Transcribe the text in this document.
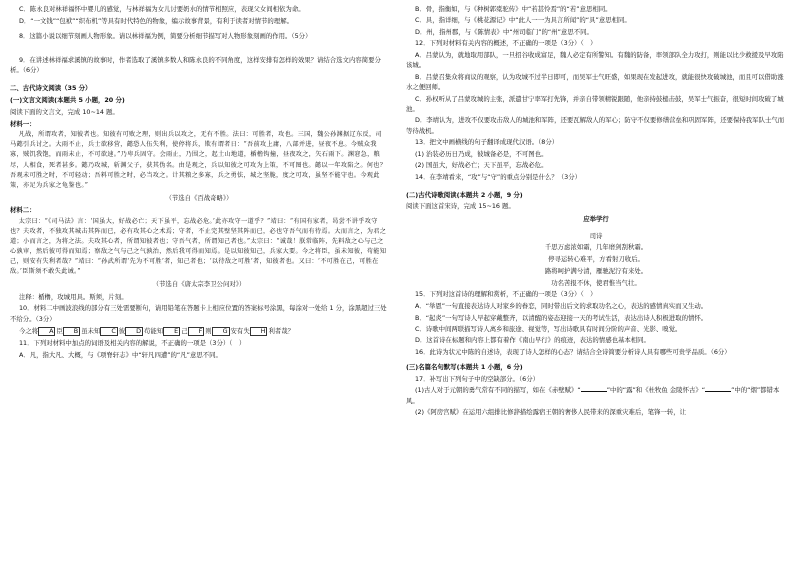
C．陈永良对林祥福怀中婴儿的感觉，与林祥福为女儿讨要奶水的情节相照应，表现父女间相依为命。

D．“一文钱”“包袱”“织布机”等具有时代特色的物象，编示故事背景，有利于读者对情节的理解。

8．这篇小说以细节刻画人物形象。请以林祥福为例，简要分析细节描写对人物形象刻画的作用。（5分）

9．在讲述林祥福求溪镇的故事时，作者选取了溪镇多数人和陈永良的不同角度，这样安排有怎样的效果？请结合选文内容简要分析。（6分）

二、古代诗文阅读（35 分）

(一)文言文阅读(本题共 5 小题，20 分)

阅读下面的文言文，完成 10~14 题。

材料一：

凡战，所谓攻者，知彼者也。知彼有可败之理，则出兵以攻之，无有不胜。法曰：可胜者，攻也。三国，魏公孙渊据辽东反，司马懿引兵讨之。大雨不止，兵士欲移营，懿恐人伍失利，使停将兵，欺有谓者日：“吾前攻上庸，八部并进，昼夜不息。今贼众我寡，贼饥我饱，而雨未止，不可欲速。”乃卑兵固守。会雨止，乃围之，起土山地道，楯橹钩撞，昼夜攻之，矢石雨下。渊窘急，粮尽，人相食，死者甚多。懿乃攻城，斩渊父子，获其伪名。由是观之，兵以知彼之可攻为上策，不可图也。懿以一年攻陷之。何也？吾观未可胜之时，不可轻动；吾料可胜之时，必当攻之。计其粮之多寡，兵之勇怯，城之坚脆，度之可攻，虽坚不能守也。今观此策，亦足为兵家之龟鉴也。”

（节选自《百战奇略》）

材料二：

太宗曰：“《司马法》言：‘国虽大，好战必亡；天下虽平，忘战必危。’此亦攻守一道乎？”靖曰：“有国有家者，曷尝不讲乎攻守也？夫攻者，不独攻其城击其阵而已，必有攻其心之术焉；守者，不止完其壁坚其阵而已，必也守吾气而有待焉。大而言之，为君之道；小而言之，为将之法。夫攻其心者，所谓知彼者也；守吾气者，所谓知己者也。”太宗曰：“诚哉！朕常临阵，先料敌之心与己之心孰审，然后彼可得而知焉；察敌之气与己之气孰治，然后我可得而知焉。是以知彼知己，兵家大要。今之将臣，虽未知彼，苟能知己，则安有失利者哉？”靖曰：“孙武所谓‘先为不可胜’者，知己者也；‘以待敌之可胜’者，知彼者也。又曰：‘不可胜在己，可胜在敌。’臣斯须不敢失此诫。”

（节选自《唐太宗李卫公问对》）

注释：楯橹，攻城用具。斯须，片刻。

10．材料二中画波浪线的部分有三处需要断句，请用铅笔在答题卡上相应位置的答案标号涂黑，每涂对一处给 1 分，涂黑超过三处不给分。（3分）

今之将 A 臣 B 虽未知 C 彼 D 苟能知 E 己 F 则 G 安有失 H 利者哉？

11．下列对材料中加点的词语及相关内容的解说，不正确的一项是（3分）（　）

A．凡，指大凡、大概，与《项脊轩志》中“轩凡四遭”的“凡”意思不同。

B．骨，指衡如，与《种树郭橐驼传》中“若甚怜焉”的“若”意思相同。

C．具，指详细，与《桃花源记》中“此人一一为具言所闻”的“具”意思相同。

D．州，指州郡，与《陈情表》中“州司临门”的“州”意思不同。

12．下列对材料有关内容的概述，不正确的一项是（3分）（　）

A．吕蒙认为，就地取用部队，一旦招谷收成富足，魏人必定有所警知。有魏的防备，率领部队全力攻打，则能以比少救援及早攻陷该城。

B．吕蒙召集众将商议的观察，认为攻城不过半日即可，而吴军士气旺盛，如果现在发起进攻，就能很快攻破城池，而且可以借助涨水之便回师。

C．孙权听从了吕蒙攻城的主张，派遣甘宁率军打先锋，并亲自带领精锐跟随，他亲持鼓槌击鼓，吴军士气振奋，很短时间攻破了城池。

D．李靖认为，进攻不仅要攻击敌人的城池和军阵，还要瓦解敌人的军心；防守不仅要修缮营垒和巩固军阵，还要保持我军队士气而等待战机。

13．把文中画横线的句子翻译成现代汉语。（8分）

(1) 治装必历日乃成，彼城备必是，不可图也。

(2) 国虽大，好战必亡；天下虽平，忘战必危。

14．在李靖看来，“攻”与“守”的重点分别是什么？（3分）

(二)古代诗歌阅读(本题共 2 小题，9 分)

阅读下面这首宋诗，完成 15~16 题。

应举学行

司诗

千思万虑浓如霜，几年磨剑刮秋霜。

停寻运转心难平，方看射刀收后。

路将呵护满兮清，雁驰泥泞有来处。

功名苦报不休，使君惟当气壮。

15．下列对这首诗的理解和赏析，不正确的一项是（3分）（　）

A．“举恩”一句直接表达诗人对家乡的眷恋，同时带出后文的求取功名之心，表达的感情真实而又生动。

B．“起炎”一句写诗人早起穿戴整齐，以清醒的姿态迎接一天的考试生活，表达出诗人积极进取的情怀。

C．诗歌中间两联描写诗人离乡和旅途、视觉等，写出诗歌具有时间分阶的声音、光影、嗅觉。

D．这首诗在标题和内容上都有着作《南山早行》的痕迹，表达的情感也基本相同。

16．此诗为状元中陈的自述诗，表现了诗人怎样的心态？请结合全诗简要分析诗人具有哪些可贵学品质。（6分）

(三)名篇名句默写(本题共 1 小题，6 分)

17．补写出下列句子中的空缺部分。（6分）

(1)古人对于元朝的勇气常有不同的描写，如在《赤壁赋》“	”中的“露”和《杜牧鱼 金陵怀古》“	”中的“烟”都错本风。

(2)《阿房宫赋》在运用六组排比修辞描绘露宿王朝的奢侈人民带来的深重灾难后，笔锋一转，让
